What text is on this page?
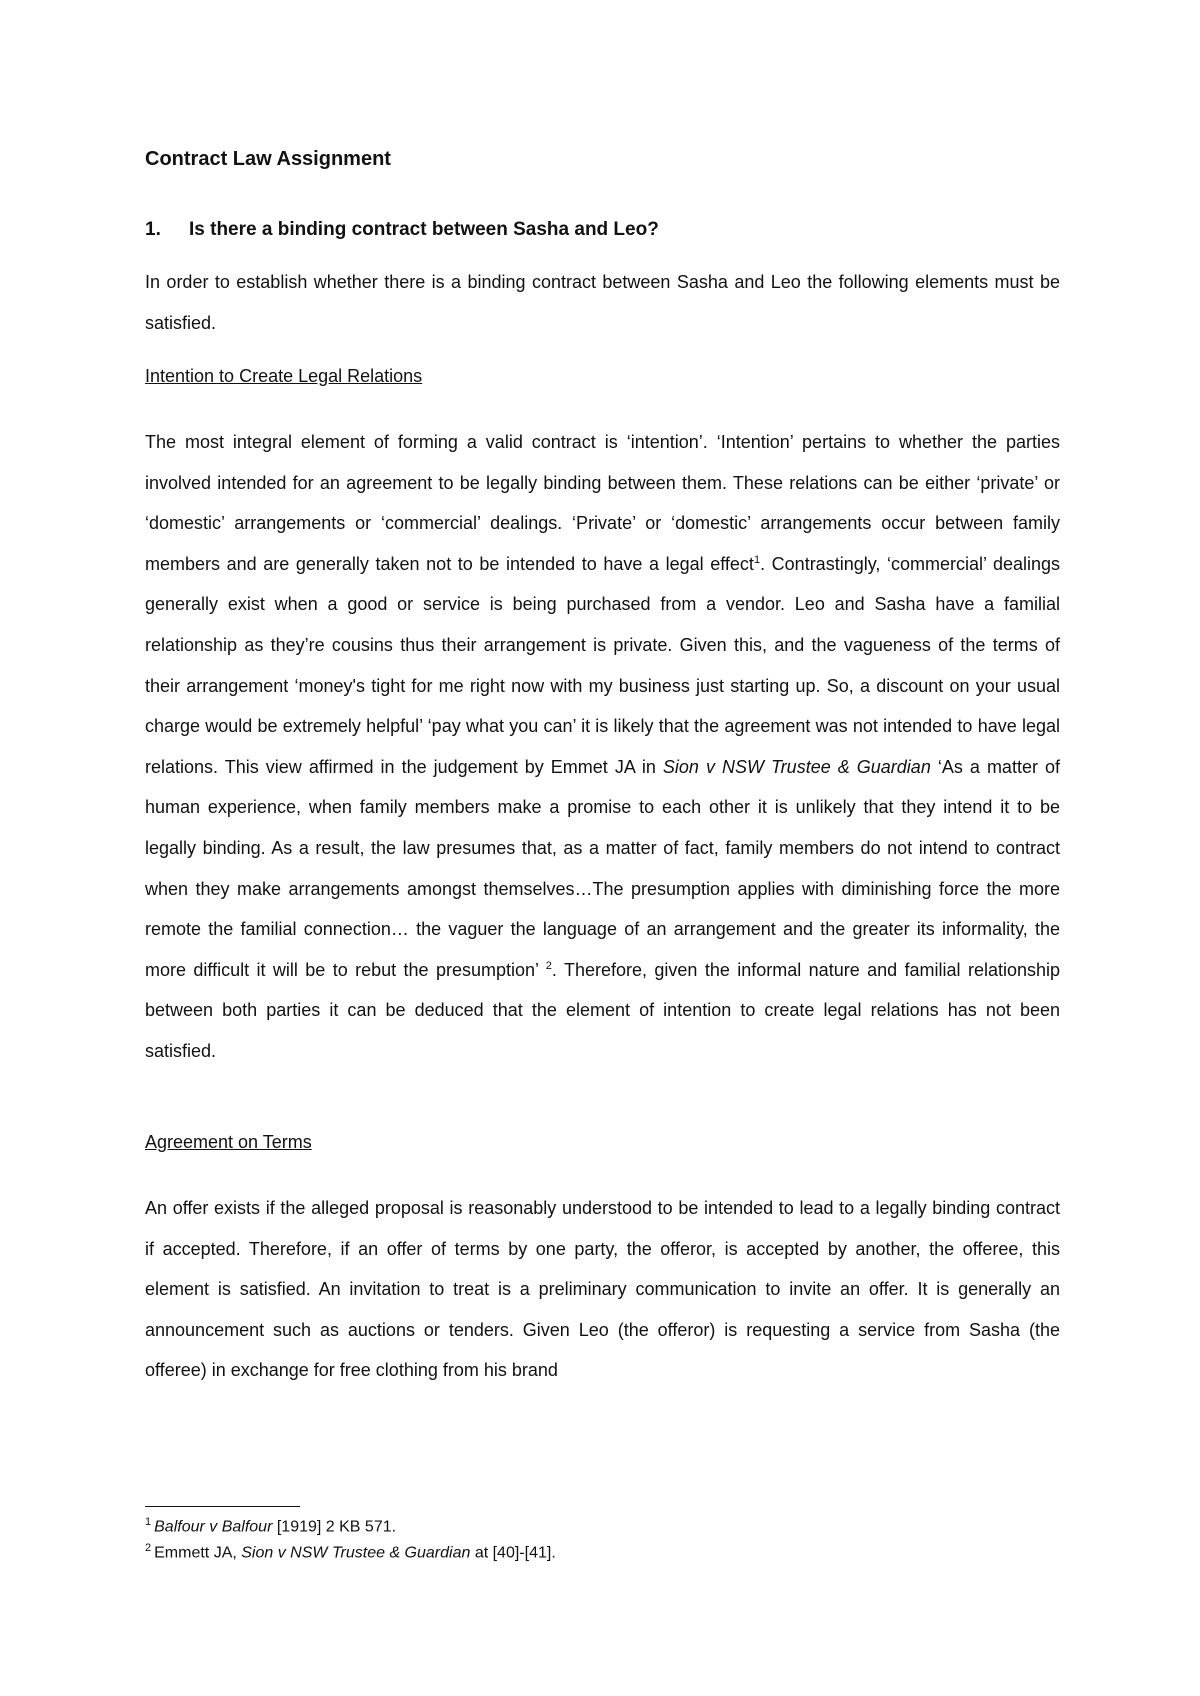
Contract Law Assignment
1. Is there a binding contract between Sasha and Leo?

In order to establish whether there is a binding contract between Sasha and Leo the following elements must be satisfied.

Intention to Create Legal Relations

The most integral element of forming a valid contract is ‘intention’. ‘Intention’ pertains to whether the parties involved intended for an agreement to be legally binding between them. These relations can be either ‘private’ or ‘domestic’ arrangements or ‘commercial’ dealings. ‘Private’ or ‘domestic’ arrangements occur between family members and are generally taken not to be intended to have a legal effect$^1$. Contrastingly, ‘commercial’ dealings generally exist when a good or service is being purchased from a vendor. Leo and Sasha have a familial relationship as they’re cousins thus their arrangement is private. Given this, and the vagueness of the terms of their arrangement ‘money's tight for me right now with my business just starting up. So, a discount on your usual charge would be extremely helpful’ ‘pay what you can’ it is likely that the agreement was not intended to have legal relations. This view affirmed in the judgement by Emmet JA in Sion v NSW Trustee & Guardian ‘As a matter of human experience, when family members make a promise to each other it is unlikely that they intend it to be legally binding. As a result, the law presumes that, as a matter of fact, family members do not intend to contract when they make arrangements amongst themselves…The presumption applies with diminishing force the more remote the familial connection… the vaguer the language of an arrangement and the greater its informality, the more difficult it will be to rebut the presumption’ $^2$. Therefore, given the informal nature and familial relationship between both parties it can be deduced that the element of intention to create legal relations has not been satisfied.

Agreement on Terms

An offer exists if the alleged proposal is reasonably understood to be intended to lead to a legally binding contract if accepted. Therefore, if an offer of terms by one party, the offeror, is accepted by another, the offeree, this element is satisfied. An invitation to treat is a preliminary communication to invite an offer. It is generally an announcement such as auctions or tenders. Given Leo (the offeror) is requesting a service from Sasha (the offeree) in exchange for free clothing from his brand

$^1$ Balfour v Balfour [1919] 2 KB 571.
$^2$ Emmett JA, Sion v NSW Trustee & Guardian at [40]-[41].
